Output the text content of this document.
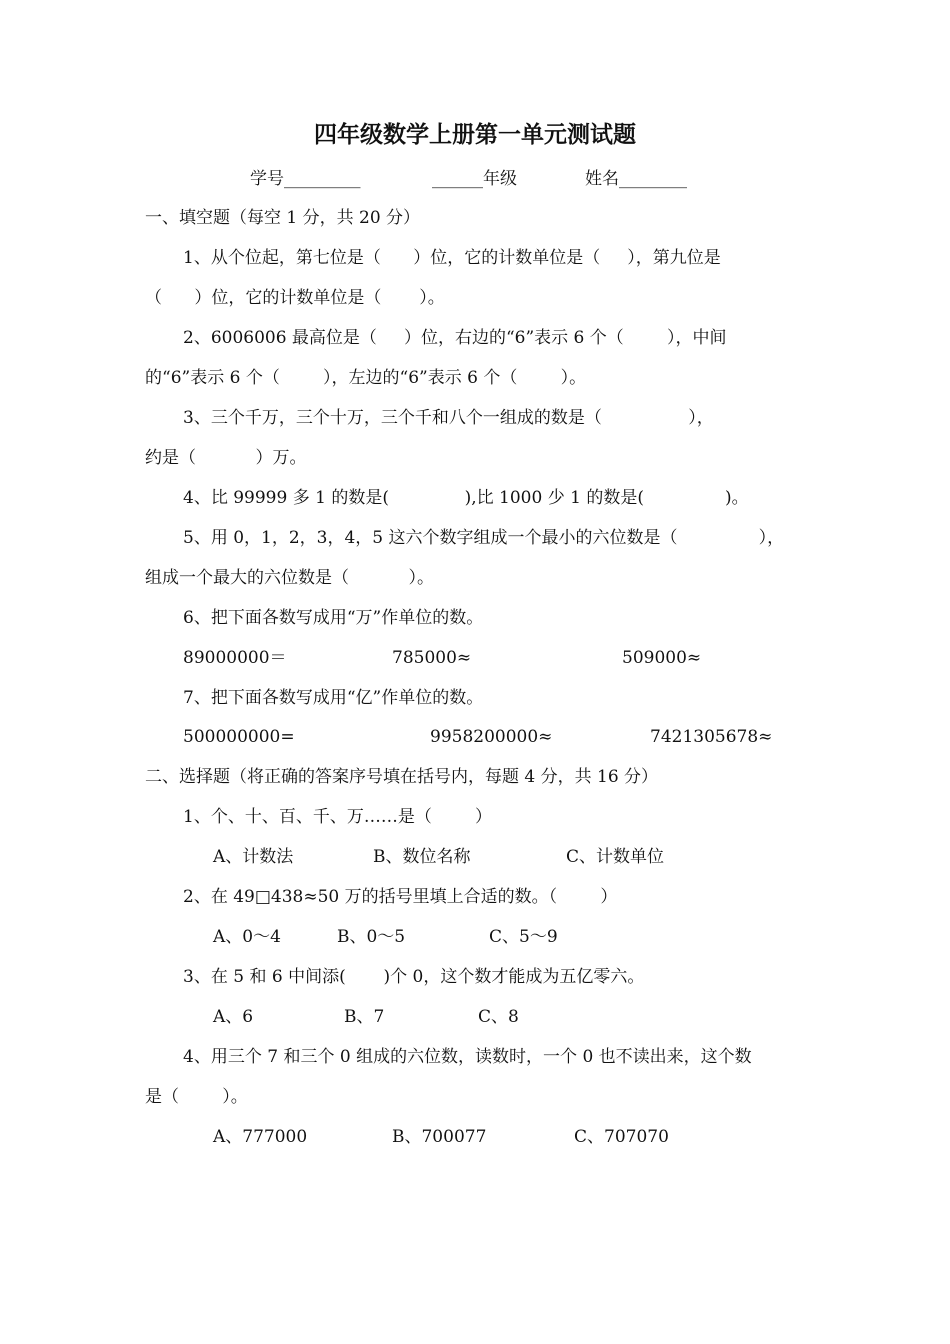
四年级数学上册第一单元测试题
学号_________	______年级	姓名________
一、填空题（每空 1 分，共 20 分）
1、从个位起，第七位是（      ）位，它的计数单位是（     ），第九位是
（      ）位，它的计数单位是（       ）。
2、6006006 最高位是（     ）位，右边的“6”表示 6 个（        ），中间
的“6”表示 6 个（        ），左边的“6”表示 6 个（        ）。
3、三个千万，三个十万，三个千和八个一组成的数是（                ），
约是（           ）万。
4、比 99999 多 1 的数是(              ),比 1000 少 1 的数是(               )。
5、用 0，1，2，3，4，5 这六个数字组成一个最小的六位数是（               ），
组成一个最大的六位数是（           ）。
6、把下面各数写成用“万”作单位的数。
89000000＝	785000≈	509000≈
7、把下面各数写成用“亿”作单位的数。
500000000=	9958200000≈	7421305678≈
二、选择题（将正确的答案序号填在括号内，每题 4 分，共 16 分）
1、个、十、百、千、万……是（        ）
A、计数法	B、数位名称	C、计数单位
2、在 49□438≈50 万的括号里填上合适的数。（        ）
A、0～4	B、0～5	C、5～9
3、在 5 和 6 中间添(       )个 0，这个数才能成为五亿零六。
A、6	B、7	C、8
4、用三个 7 和三个 0 组成的六位数，读数时，一个 0 也不读出来，这个数
是（        ）。
A、777000	B、700077	C、707070
